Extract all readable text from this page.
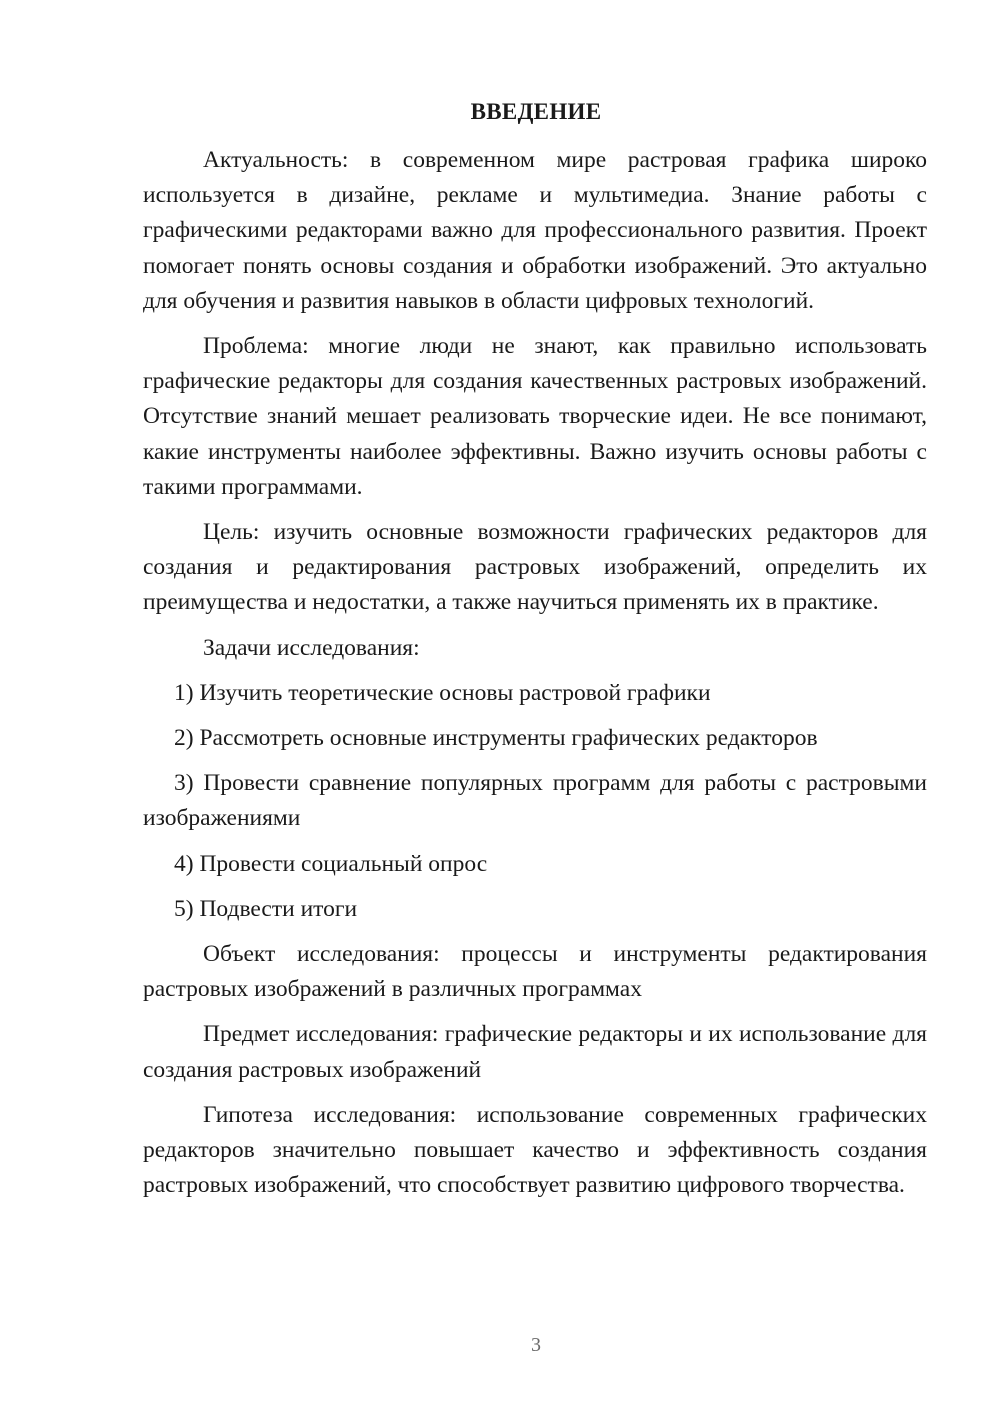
ВВЕДЕНИЕ

Актуальность: в современном мире растровая графика широко используется в дизайне, рекламе и мультимедиа. Знание работы с графическими редакторами важно для профессионального развития. Проект помогает понять основы создания и обработки изображений. Это актуально для обучения и развития навыков в области цифровых технологий.

Проблема: многие люди не знают, как правильно использовать графические редакторы для создания качественных растровых изображений. Отсутствие знаний мешает реализовать творческие идеи. Не все понимают, какие инструменты наиболее эффективны. Важно изучить основы работы с такими программами.

Цель: изучить основные возможности графических редакторов для создания и редактирования растровых изображений, определить их преимущества и недостатки, а также научиться применять их в практике.

Задачи исследования:

1) Изучить теоретические основы растровой графики

2) Рассмотреть основные инструменты графических редакторов

3) Провести сравнение популярных программ для работы с растровыми изображениями

4) Провести социальный опрос

5) Подвести итоги

Объект исследования: процессы и инструменты редактирования растровых изображений в различных программах

Предмет исследования: графические редакторы и их использование для создания растровых изображений

Гипотеза исследования: использование современных графических редакторов значительно повышает качество и эффективность создания растровых изображений, что способствует развитию цифрового творчества.

3
